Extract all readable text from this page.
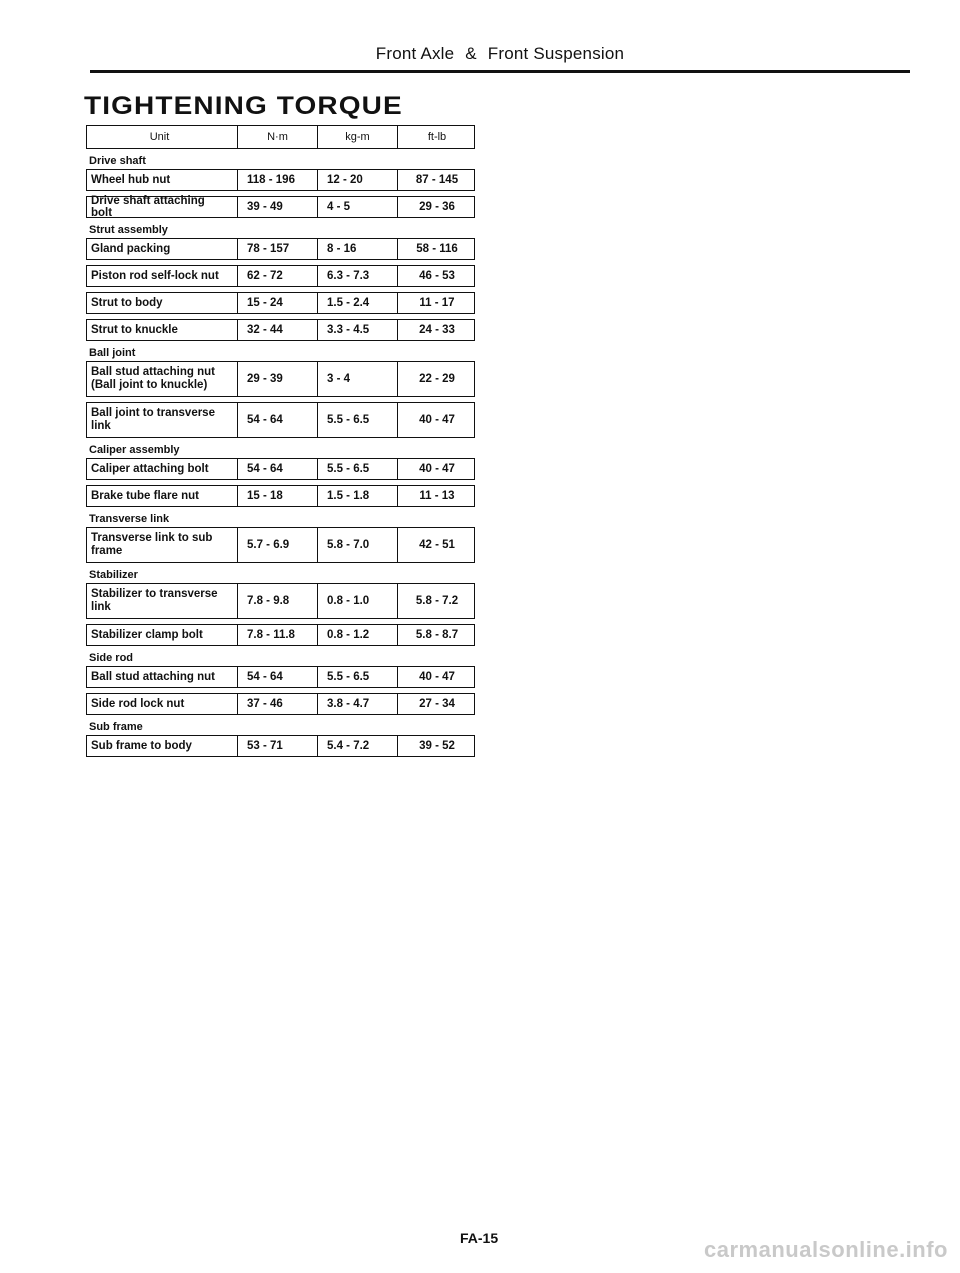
Front Axle & Front Suspension
TIGHTENING TORQUE
Unit	N·m	kg-m	ft-lb
Drive shaft
Wheel hub nut	118 - 196	12 - 20	87 - 145
Drive shaft attaching bolt	39 - 49	4 - 5	29 - 36
Strut assembly
Gland packing	78 - 157	8 - 16	58 - 116
Piston rod self-lock nut	62 - 72	6.3 - 7.3	46 - 53
Strut to body	15 - 24	1.5 - 2.4	11 - 17
Strut to knuckle	32 - 44	3.3 - 4.5	24 - 33
Ball joint
Ball stud attaching nut
(Ball joint to knuckle)
29 - 39	3 - 4	22 - 29
Ball joint to transverse
link
54 - 64	5.5 - 6.5	40 - 47
Caliper assembly
Caliper attaching bolt	54 - 64	5.5 - 6.5	40 - 47
Brake tube flare nut	15 - 18	1.5 - 1.8	11 - 13
Transverse link
Transverse link to sub
frame
5.7 - 6.9	5.8 - 7.0	42 - 51
Stabilizer
Stabilizer to transverse
link
7.8 - 9.8	0.8 - 1.0	5.8 - 7.2
Stabilizer clamp bolt	7.8 - 11.8	0.8 - 1.2	5.8 - 8.7
Side rod
Ball stud attaching nut	54 - 64	5.5 - 6.5	40 - 47
Side rod lock nut	37 - 46	3.8 - 4.7	27 - 34
Sub frame
Sub frame to body	53 - 71	5.4 - 7.2	39 - 52
FA-15	carmanualsonline.info
